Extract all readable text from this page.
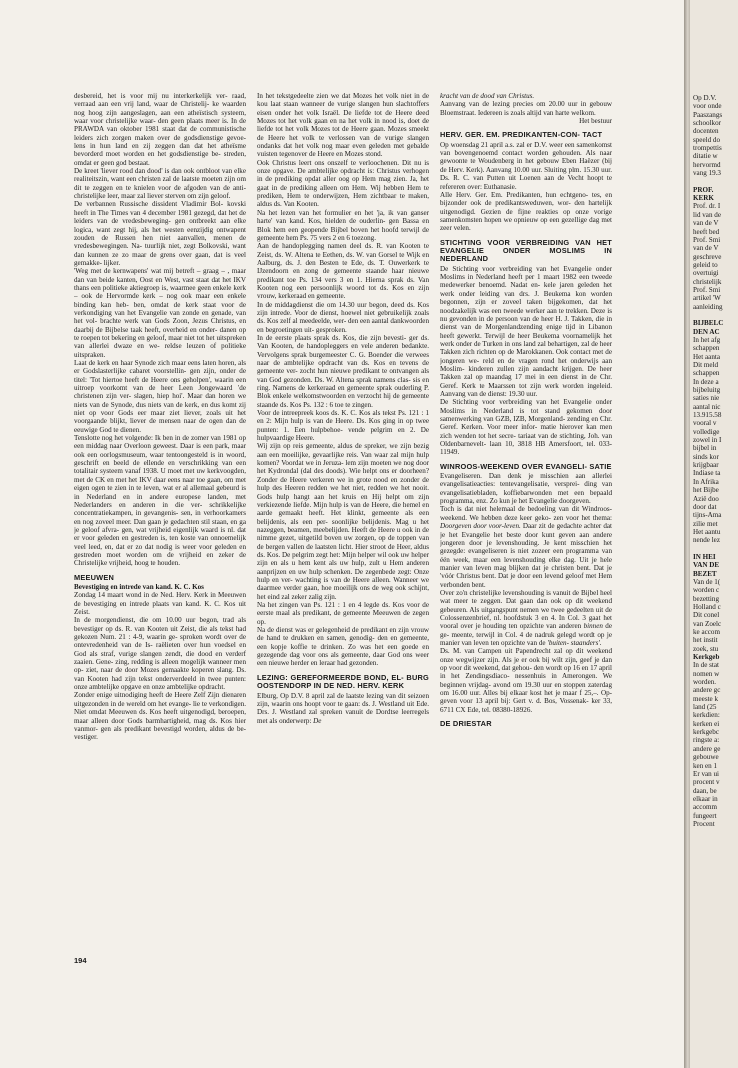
desbereid, het is voor mij nu interkerkelijk ver- raad, verraad aan een vrij land, waar de Christelij- ke waarden nog hoog zijn aangeslagen, aan een atheïstisch systeem, waar voor christelijke waar- den geen plaats meer is. In de PRAWDA van oktober 1981 staat dat de communistische leiders zich zorgen maken over de godsdienstige gevoe- lens in hun land en zij zeggen dan dat het atheïsme bevorderd moet worden en het godsdienstige be- streden, omdat er geen god bestaat.

De kreet 'liever rood dan dood' is dan ook ontbloot van elke realiteitszin, want een christen zal de laatste moeten zijn om dit te zeggen en te knielen voor de afgoden van de anti-christelijke leer, maar zal liever sterven om zijn geloof.

De verbannen Russische dissident Vladimir Bol- kovski heeft in The Times van 4 december 1981 gezegd, dat het de leiders van de vredesbeweging- gen ontbreekt aan elke logica, want zegt hij, als het westen eenzijdig ontwapent zouden de Russen hen niet aanvallen, menen de vredesbewegingen. Na- tuurlijk niet, zegt Bolkovski, want dan kunnen ze zo maar de grens over gaan, dat is veel gemakke- lijker.

'Weg met de kernwapens' wat mij betreft – graag – , maar dan van beide kanten, Oost en West, vast staat dat het IKV thans een politieke aktiegroep is, waarmee geen enkele kerk – ook de Hervormde kerk – nog ook maar een enkele binding kan heb- ben, omdat de kerk staat voor de verkondiging van het Evangelie van zonde en genade, van het vol- brachte werk van Gods Zoon, Jezus Christus, en daarbij de Bijbelse taak heeft, overheid en onder- danen op te roepen tot bekering en geloof, maar niet tot het uitspreken van allerlei dwaze en we- reldse leuzen of politieke uitspraken.

Laat de kerk en haar Synode zich maar eens laten horen, als er Godslasterlijke cabaret voorstellin- gen zijn, onder de titel: 'Tot hiertoe heeft de Heere ons geholpen', waarin een uitroep voorkomt van de heer Leen Jongewaard 'de christenen zijn ver- slagen, hiep hoi'. Maar dan horen we niets van de Synode, dus niets van de kerk, en dus komt zij niet op voor Gods eer maar ziet liever, zoals uit het voorgaande blijkt, liever de mensen naar de ogen dan de eeuwige God te dienen.

Tenslotte nog het volgende: Ik ben in de zomer van 1981 op een middag naar Overloon geweest. Daar is een park, maar ook een oorlogsmuseum, waar tentoongesteld is in woord, geschrift en beeld de ellende en verschrikking van een totalitair systeem vanaf 1938. U moet met uw kerkvoogden, met de CK en met het IKV daar eens naar toe gaan, om met eigen ogen te zien in te leven, wat er al allemaal gebeurd is in Nederland en in andere europese landen, met Nederlanders en anderen in die ver- schrikkelijke concentratiekampen, in gevangenis- sen, in verhoorkamers en nog zoveel meer. Dan gaan je gedachten stil staan, en ga je geloof afvra- gen, wat vrijheid eigenlijk waard is nl. dat er voor geleden en gestreden is, ten koste van onnoemelijk veel leed, en, dat er zo dat nodig is weer voor geleden en gestreden moet worden om de vrijheid en zeker de Christelijke vrijheid, hoog te houden.

MEEUWEN

Bevestiging en intrede van kand. K. C. Kos

Zondag 14 maart wond in de Ned. Herv. Kerk in Meeuwen de bevestiging en intrede plaats van kand. K. C. Kos uit Zeist.

In de morgendienst, die om 10.00 uur begon, trad als bevestiger op ds. R. van Kooten uit Zeist, die als tekst had gekozen Num. 21 : 4-9, waarin ge- sproken wordt over de ontevredenheid van de Is- raëlieten over hun voedsel en God als straf, vurige slangen zendt, die dood en verderf zaaien. Gene- zing, redding is alleen mogelijk wanneer men op- ziet, naar de door Mozes gemaakte koperen slang. Ds. van Kooten had zijn tekst onderverdeeld in twee punten: onze ambtelijke opgave en onze ambtelijke opdracht.

Zonder enige uitnodiging heeft de Heere Zelf Zijn dienaren uitgezonden in de wereld om het evange- lie te verkondigen. Niet omdat Meeuwen ds. Kos heeft uitgenodigd, beroepen, maar alleen door Gods barmhartigheid, mag ds. Kos hier vanmor- gen als predikant bevestigd worden, aldus de be- vestiger.

In het tekstgedeelte zien we dat Mozes het volk niet in de kou laat staan wanneer de vurige slangen hun slachtoffers eisen onder het volk Israël. De liefde tot de Heere deed Mozes tot het volk gaan en na het volk in nood is, doet de liefde tot het volk Mozes tot de Heere gaan. Mozes smeekt de Heere het volk te verlossen van de vurige slangen ondanks dat het volk nog maar even geleden met gebalde vuisten tegenover de Heere en Mozes stond.

Ook Christus leert ons onszelf te verloochenen. Dit nu is onze opgave. De ambtelijke opdracht is: Christus verhogen in de prediking opdat aller oog op Hem mag zien. Ja, het gaat in de prediking alleen om Hem. Wij hebben Hem te prediken, Hem te onderwijzen, Hem zichtbaar te maken, aldus ds. Van Kooten.

Na het lezen van het formulier en het 'ja, ik van ganser harte' van kand. Kos, hielden de ouderlin- gen Bassa en Blok hem een geopende Bijbel boven het hoofd terwijl de gemeente hem Ps. 75 vers 2 en 6 toezong.

Aan de handoplegging namen deel ds. R. van Kooten te Zeist, ds. W. Altena te Eethen, ds. W. van Gorsel te Wijk en Aalburg, ds. J. den Besten te Ede, ds. T. Ouwerkerk te IJzendoorn en zong de gemeente staande haar nieuwe predikant toe Ps. 134 vers 3 en 1. Hierna sprak ds. Van Kooten nog een persoonlijk woord tot ds. Kos en zijn vrouw, kerkeraad en gemeente.

In de middagdienst die om 14.30 uur begon, deed ds. Kos zijn intrede. Voor de dienst, hoewel niet gebruikelijk zoals ds. Kos zelf al meedeelde, wer- den een aantal dankwoorden en begroetingen uit- gesproken.

In de eerste plaats sprak ds. Kos, die zijn bevesti- ger ds. Van Kooten, de handopleggers en vele anderen bedankte. Vervolgens sprak burgemeester C. G. Boender die verwees naar de ambtelijke opdracht van ds. Kos en tevens de gemeente ver- zocht hun nieuwe predikant te ontvangen als van God gezonden. Ds. W. Altena sprak namens clas- sis en ring. Namens de kerkeraad en gemeente sprak ouderling P. Blok enkele welkomstwoorden en verzocht hij de gemeente staande ds. Kos Ps. 132 : 6 toe te zingen.

Voor de intreepreek koos ds. K. C. Kos als tekst Ps. 121 : 1 en 2: Mijn hulp is van de Heere. Ds. Kos ging in op twee punten: 1. Een hulpbehoe- vende pelgrim en 2. De hulpvaardige Heere.

Wij zijn op reis gemeente, aldus de spreker, we zijn bezig aan een moeilijke, gevaarlijke reis. Van waar zal mijn hulp komen? Voordat we in Jeruza- lem zijn moeten we nog door het Kydrondal (dal des doods). Wie helpt ons er doorheen? Zonder de Heere verkeren we in grote nood en zonder de hulp des Heeren redden we het niet, redden we het nooit. Gods hulp hangt aan het kruis en Hij helpt om zijn verkiezende liefde. Mijn hulp is van de Heere, die hemel en aarde gemaakt heeft. Het klinkt, gemeente als een belijdenis, als een per- soonlijke belijdenis. Mag u het nazeggen, beamen, meebelijden. Heeft de Heere u ook in de nimme gezet, uitgetild boven uw zorgen, op de toppen van de bergen vallen de laatsten licht. Hier stroot de Heer, aldus ds. Kos. De pelgrim zegt het: Mijn helper wil ook uw helper zijn en als u hem kent als uw hulp, zult u Hem anderen aanprijzen en uw hulp schenken. De zegenbede zegt: Onze hulp en ver- wachting is van de Heere alleen. Wanneer we daarmee verder gaan, hoe moeilijk ons de weg ook schijnt, het eind zal zeker zalig zijn.

Na het zingen van Ps. 121 : 1 en 4 legde ds. Kos voor de eerste maal als predikant, de gemeente Meeuwen de zegen op.

Na de dienst was er gelegenheid de predikant en zijn vrouw de hand te drukken en samen, genodig- den en gemeente, een kopje koffie te drinken. Zo was het een goede en gezegende dag voor ons als gemeente, daar God ons weer een nieuwe herder en leraar had gezonden.

LEZING: GEREFORMEERDE BOND, EL- BURG OOSTENDORP IN DE NED. HERV. KERK

Elburg, Op D.V. 8 april zal de laatste lezing van dit seizoen zijn, waarin ons hoopt voor te gaan: ds. J. Westland uit Ede. Drs. J. Westland zal spreken vanuit de Dordtse leerregels met als onderwerp: De

kracht van de dood van Christus.

Aanvang van de lezing precies om 20.00 uur in gebouw Bloemstraat. Iedereen is zoals altijd van harte welkom.

Het bestuur

HERV. GER. EM. PREDIKANTEN-CON- TACT

Op woensdag 21 april a.s. zal er D.V. weer een samenkomst van bovengenoemd contact worden gehouden. Als naar gewoonte te Woudenberg in het gebouw Eben Haëzer (bij de Herv. Kerk). Aanvang 10.00 uur. Sluiting plm. 15.30 uur. Ds. R. C. van Putten uit Loenen aan de Vecht hoopt te refereren over: Euthanasie.

Alle Herv. Ger. Em. Predikanten, hun echtgeno- tes, en bijzonder ook de predikantsweduwen, wor- den hartelijk uitgenodigd. Gezien de fijne reakties op onze vorige samenkomsten hopen we opnieuw op een gezellige dag met zeer velen.

STICHTING VOOR VERBREIDING VAN HET EVANGELIE ONDER MOSLIMS IN NEDERLAND

De Stichting voor verbreiding van het Evangelie onder Moslims in Nederland heeft per 1 maart 1982 een tweede medewerker benoemd. Nadat en- kele jaren geleden het werk onder leiding van drs. J. Beukema kon worden begonnen, zijn er zoveel taken bijgekomen, dat het noodzakelijk was een tweede werker aan te trekken. Deze is nu gevonden in de persoon van de heer H. J. Takken, die in dienst van de Morgenlandzending enige tijd in Libanon heeft gewerkt. Terwijl de heer Beukema voornamelijk het werk onder de Turken in ons land zal behartigen, zal de heer Takken zich richten op de Marokkanen. Ook contact met de jongeren we- reld en de vragen rond het onderwijs aan Moslim- kinderen zullen zijn aandacht krijgen. De heer Takken zal op maandag 17 mei in een dienst in de Chr. Geref. Kerk te Maarssen tot zijn werk worden ingeleid. Aanvang van de dienst: 19.30 uur.

De Stichting voor verbreiding van het Evangelie onder Moslims in Nederland is tot stand gekomen door samenwerking van GZB, IZB, Morgenland- zending en Chr. Geref. Kerken. Voor meer infor- matie hierover kan men zich wenden tot het secre- tariaat van de stichting, Joh. van Oldenbarnevelt- laan 10, 3818 HB Amersfoort, tel. 033-11949.

WINROOS-WEEKEND OVER EVANGELI- SATIE

Evangeliseren. Dan denk je misschien aan allerlei evangelisatieacties: tentevangelisatie, versprei- ding van evangelisatiebladen, koffiebarwonden met een bepaald programma, enz. Zo kun je het Evangelie doorgeven.

Toch is dat niet helemaal de bedoeling van dit Windroos- weekend. We hebben deze keer geko- zen voor het thema: Doorgeven door voor-leven. Daar zit de gedachte achter dat je het Evangelie het beste door kunt geven aan andere jongeren door je levenshouding. Je kent misschien het gezegde: evangeliseren is niet zozeer een programma van één week, maar een levenshouding elke dag. Uit je hele manier van leven mag blijken dat je christen bent. Dat je 'vóór Christus bent. Dat je door een levend geloof met Hem verbonden bent.

Over zo'n christelijke levenshouding is vanuit de Bijbel heel wat meer te zeggen. Dat gaan dan ook op dit weekend gebeuren. Als uitgangspunt nemen we twee gedeelten uit de Colossenzenbrief, nl. hoofdstuk 3 en 4. In Col. 3 gaat het vooral over je houding ten opzichte van anderen binnen de ge- meente, terwijl in Col. 4 de nadruk gelegd wordt op je manier van leven ten opzichte van de 'buiten- staanders'.

Ds. M. van Campen uit Papendrecht zal op dit weekend onze wegwijzer zijn. Als je er ook bij wilt zijn, geef je dan op voor dit weekend, dat gehou- den wordt op 16 en 17 april in het Zendingsdiaco- nessenhuis in Amerongen. We beginnen vrijdag- avond om 19.30 uur en stoppen zaterdag om 16.00 uur. Alles bij elkaar kost het je maar f 25,–. Op- geven voor 13 april bij: Gert v. d. Bos, Vossenak- ker 33, 6711 CX Ede, tel. 08380-18926.

DE DRIESTAR
194

Op D.V.

voor onde

Paaszangs

schoolkor

docenten

speeld do

trompettis

ditatie w

hervormd

vang 19.3

PROF.

KERK

Prof. dr. I

lid van de

van de V

heeft bed

Prof. Smi

van de V

geschreve

geleid to

overtuigi

christelijk

Prof. Smi

artikel 'W

aanleiding

BIJBELC

DEN AC

In het afg

schappen

Het aanta

Dit meld

schappen

In deze a

bijbeluitg

saties nie

aantal nic

13.915.58

vooral v

volledige

zowel in I

bijbel in

sinds kor

krijgbaar

Indiase ta

In Afrika

het Bijbe

Aziё doo

door dat

tijns-Ama

zilie met

Het aantu

nende lez

IN HEI

VAN DE

BEZET

Van de 1(

worden c

bezetting

Holland c

Dit conel

van Zoelc

ke accom

het instit

zoek, stu

Kerkgeb

In de stat

nomen w

worden.

andere gc

meeste k

land (25

kerkdien:

kerken ei

kerkgebc

ringste a:

andere ge

gebouwe

ken en 1

Er van ui

procent v

daan, be

elkaar in

accomm

fungeert

Procent
